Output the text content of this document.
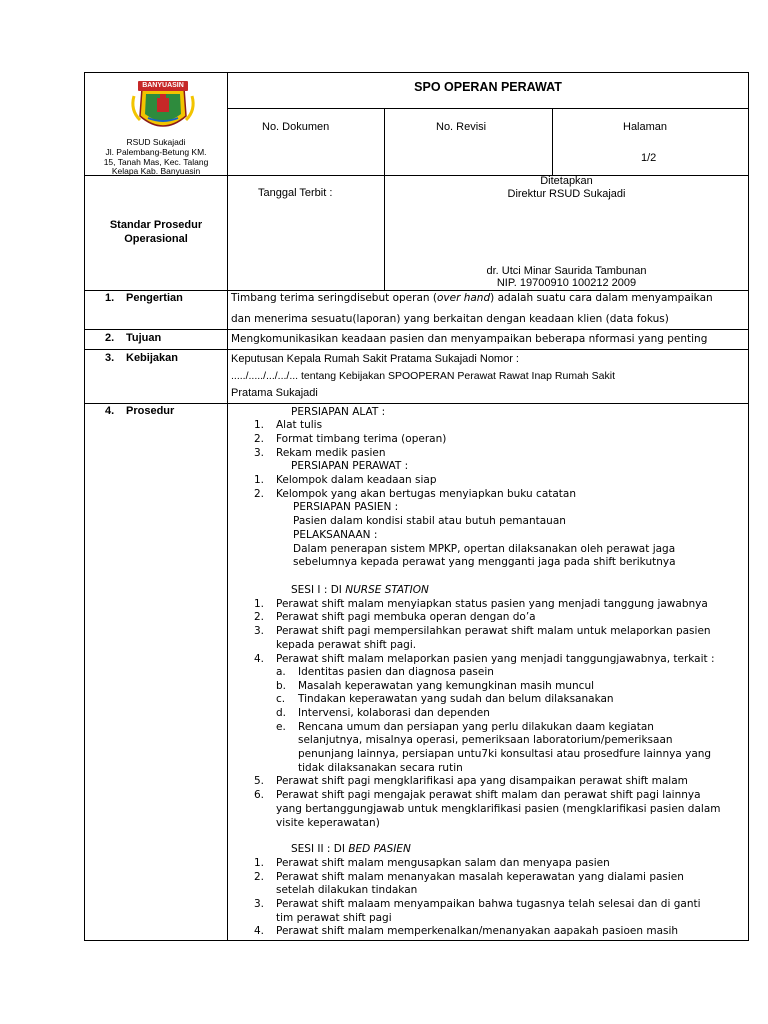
BANYUASIN
RSUD Sukajadi
Jl. Palembang-Betung KM.
15, Tanah Mas, Kec. Talang
Kelapa Kab. Banyuasin
SPO OPERAN PERAWAT
No. Dokumen	No. Revisi	Halaman
1/2
Standar Prosedur
Operasional
Tanggal Terbit :
Ditetapkan
Direktur RSUD Sukajadi
dr. Utci Minar Saurida Tambunan
NIP. 19700910 100212 2009
1. Pengertian
2. Tujuan
3. Kebijakan
4. Prosedur
Timbang terima seringdisebut operan (over hand) adalah suatu cara dalam menyampaikan
dan menerima sesuatu(laporan) yang berkaitan dengan keadaan klien (data fokus)
Mengkomunikasikan keadaan pasien dan menyampaikan beberapa nformasi yang penting
Keputusan Kepala Rumah Sakit Pratama Sukajadi Nomor :
...../...../.../.../... tentang Kebijakan SPOOPERAN Perawat Rawat Inap Rumah Sakit
Pratama Sukajadi
PERSIAPAN ALAT :
1. Alat tulis
2. Format timbang terima (operan)
3. Rekam medik pasien
PERSIAPAN PERAWAT :
1. Kelompok dalam keadaan siap
2. Kelompok yang akan bertugas menyiapkan buku catatan
PERSIAPAN PASIEN :
Pasien dalam kondisi stabil atau butuh pemantauan
PELAKSANAAN :
Dalam penerapan sistem MPKP, opertan dilaksanakan oleh perawat jaga
sebelumnya kepada perawat yang mengganti jaga pada shift berikutnya
SESI I : DI NURSE STATION
1. Perawat shift malam menyiapkan status pasien yang menjadi tanggung jawabnya
2. Perawat shift pagi membuka operan dengan do’a
3. Perawat shift pagi mempersilahkan perawat shift malam untuk melaporkan pasien
kepada perawat shift pagi.
4. Perawat shift malam melaporkan pasien yang menjadi tanggungjawabnya, terkait :
a. Identitas pasien dan diagnosa pasein
b. Masalah keperawatan yang kemungkinan masih muncul
c. Tindakan keperawatan yang sudah dan belum dilaksanakan
d. Intervensi, kolaborasi dan dependen
e. Rencana umum dan persiapan yang perlu dilakukan daam kegiatan
selanjutnya, misalnya operasi, pemeriksaan laboratorium/pemeriksaan
penunjang lainnya, persiapan untu7ki konsultasi atau prosedfure lainnya yang
tidak dilaksanakan secara rutin
5. Perawat shift pagi mengklarifikasi apa yang disampaikan perawat shift malam
6. Perawat shift pagi mengajak perawat shift malam dan perawat shift pagi lainnya
yang bertanggungjawab untuk mengklarifikasi pasien (mengklarifikasi pasien dalam
visite keperawatan)
SESI II : DI BED PASIEN
1. Perawat shift malam mengusapkan salam dan menyapa pasien
2. Perawat shift malam menanyakan masalah keperawatan yang dialami pasien
setelah dilakukan tindakan
3. Perawat shift malaam menyampaikan bahwa tugasnya telah selesai dan di ganti
tim perawat shift pagi
4. Perawat shift malam memperkenalkan/menanyakan aapakah pasioen masih
